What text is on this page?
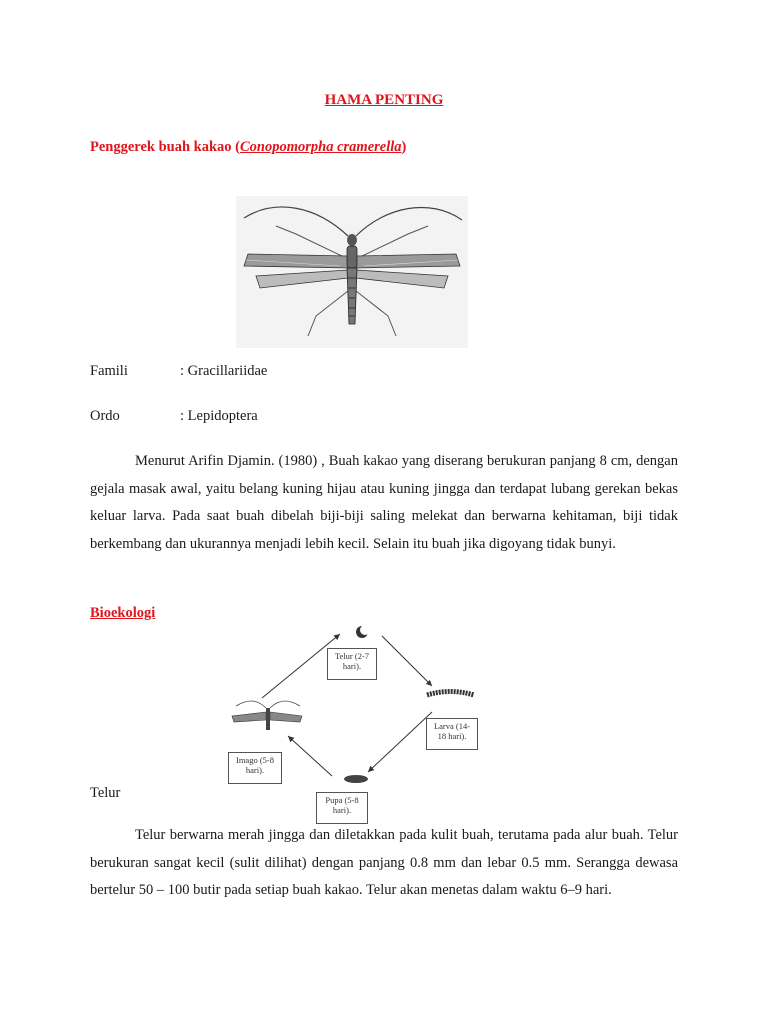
HAMA PENTING
Penggerek buah kakao (Conopomorpha cramerella)
Famili	: Gracillariidae
Ordo	: Lepidoptera
Menurut Arifin Djamin. (1980) , Buah kakao yang diserang berukuran panjang 8 cm, dengan gejala masak awal, yaitu belang kuning hijau atau kuning jingga dan terdapat lubang gerekan bekas keluar larva. Pada saat buah dibelah biji-biji saling melekat dan berwarna kehitaman, biji tidak berkembang dan ukurannya menjadi lebih kecil. Selain itu buah jika digoyang tidak bunyi.
Bioekologi
Telur (2-7 hari).
Larva (14-18 hari).
Pupa (5-8 hari).
Imago (5-8 hari).
Telur
Telur berwarna merah jingga dan diletakkan pada kulit buah, terutama pada alur buah. Telur berukuran sangat kecil (sulit dilihat) dengan panjang 0.8 mm dan lebar 0.5 mm. Serangga dewasa bertelur 50 – 100 butir pada setiap buah kakao. Telur akan menetas dalam waktu 6–9 hari.
